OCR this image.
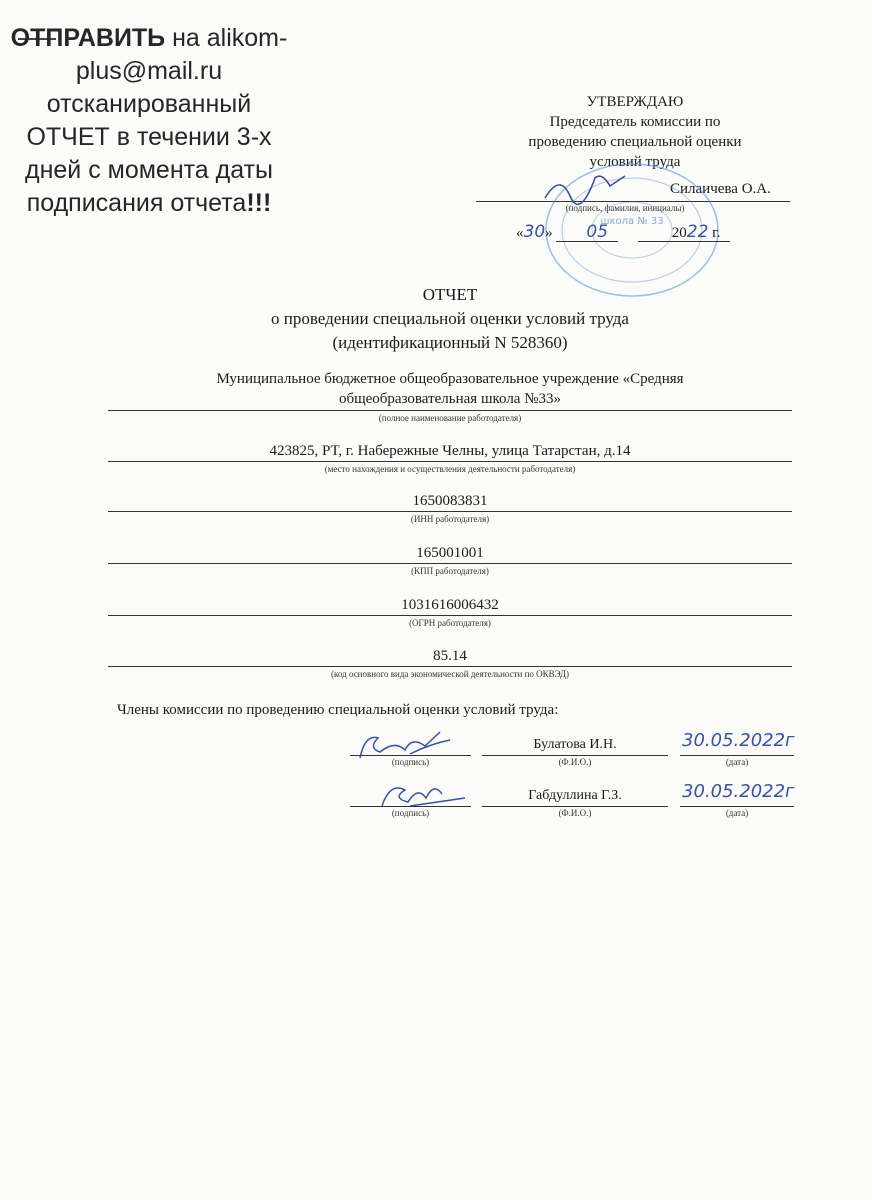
ОТПРАВИТЬ на alikom-plus@mail.ru отсканированный ОТЧЕТ в течении 3-х дней с момента даты подписания отчета!!!
УТВЕРЖДАЮ
Председатель комиссии по
проведению специальной оценки
условий труда
Силаичева О.А.
(подпись, фамилия, инициалы)
школа № 33
«30» 05	2022 г.
ОТЧЕТ
о проведении специальной оценки условий труда
(идентификационный N 528360)
Муниципальное бюджетное общеобразовательное учреждение «Средняя
общеобразовательная школа №33»
(полное наименование работодателя)
423825, РТ, г. Набережные Челны, улица Татарстан, д.14
(место нахождения и осуществления деятельности работодателя)
1650083831
(ИНН работодателя)
165001001
(КПП работодателя)
1031616006432
(ОГРН работодателя)
85.14
(код основного вида экономической деятельности по ОКВЭД)
Члены комиссии по проведению специальной оценки условий труда:
(подпись)
Булатова И.Н.
(Ф.И.О.)
30.05.2022г
(дата)
(подпись)
Габдуллина Г.З.
(Ф.И.О.)
30.05.2022г
(дата)
